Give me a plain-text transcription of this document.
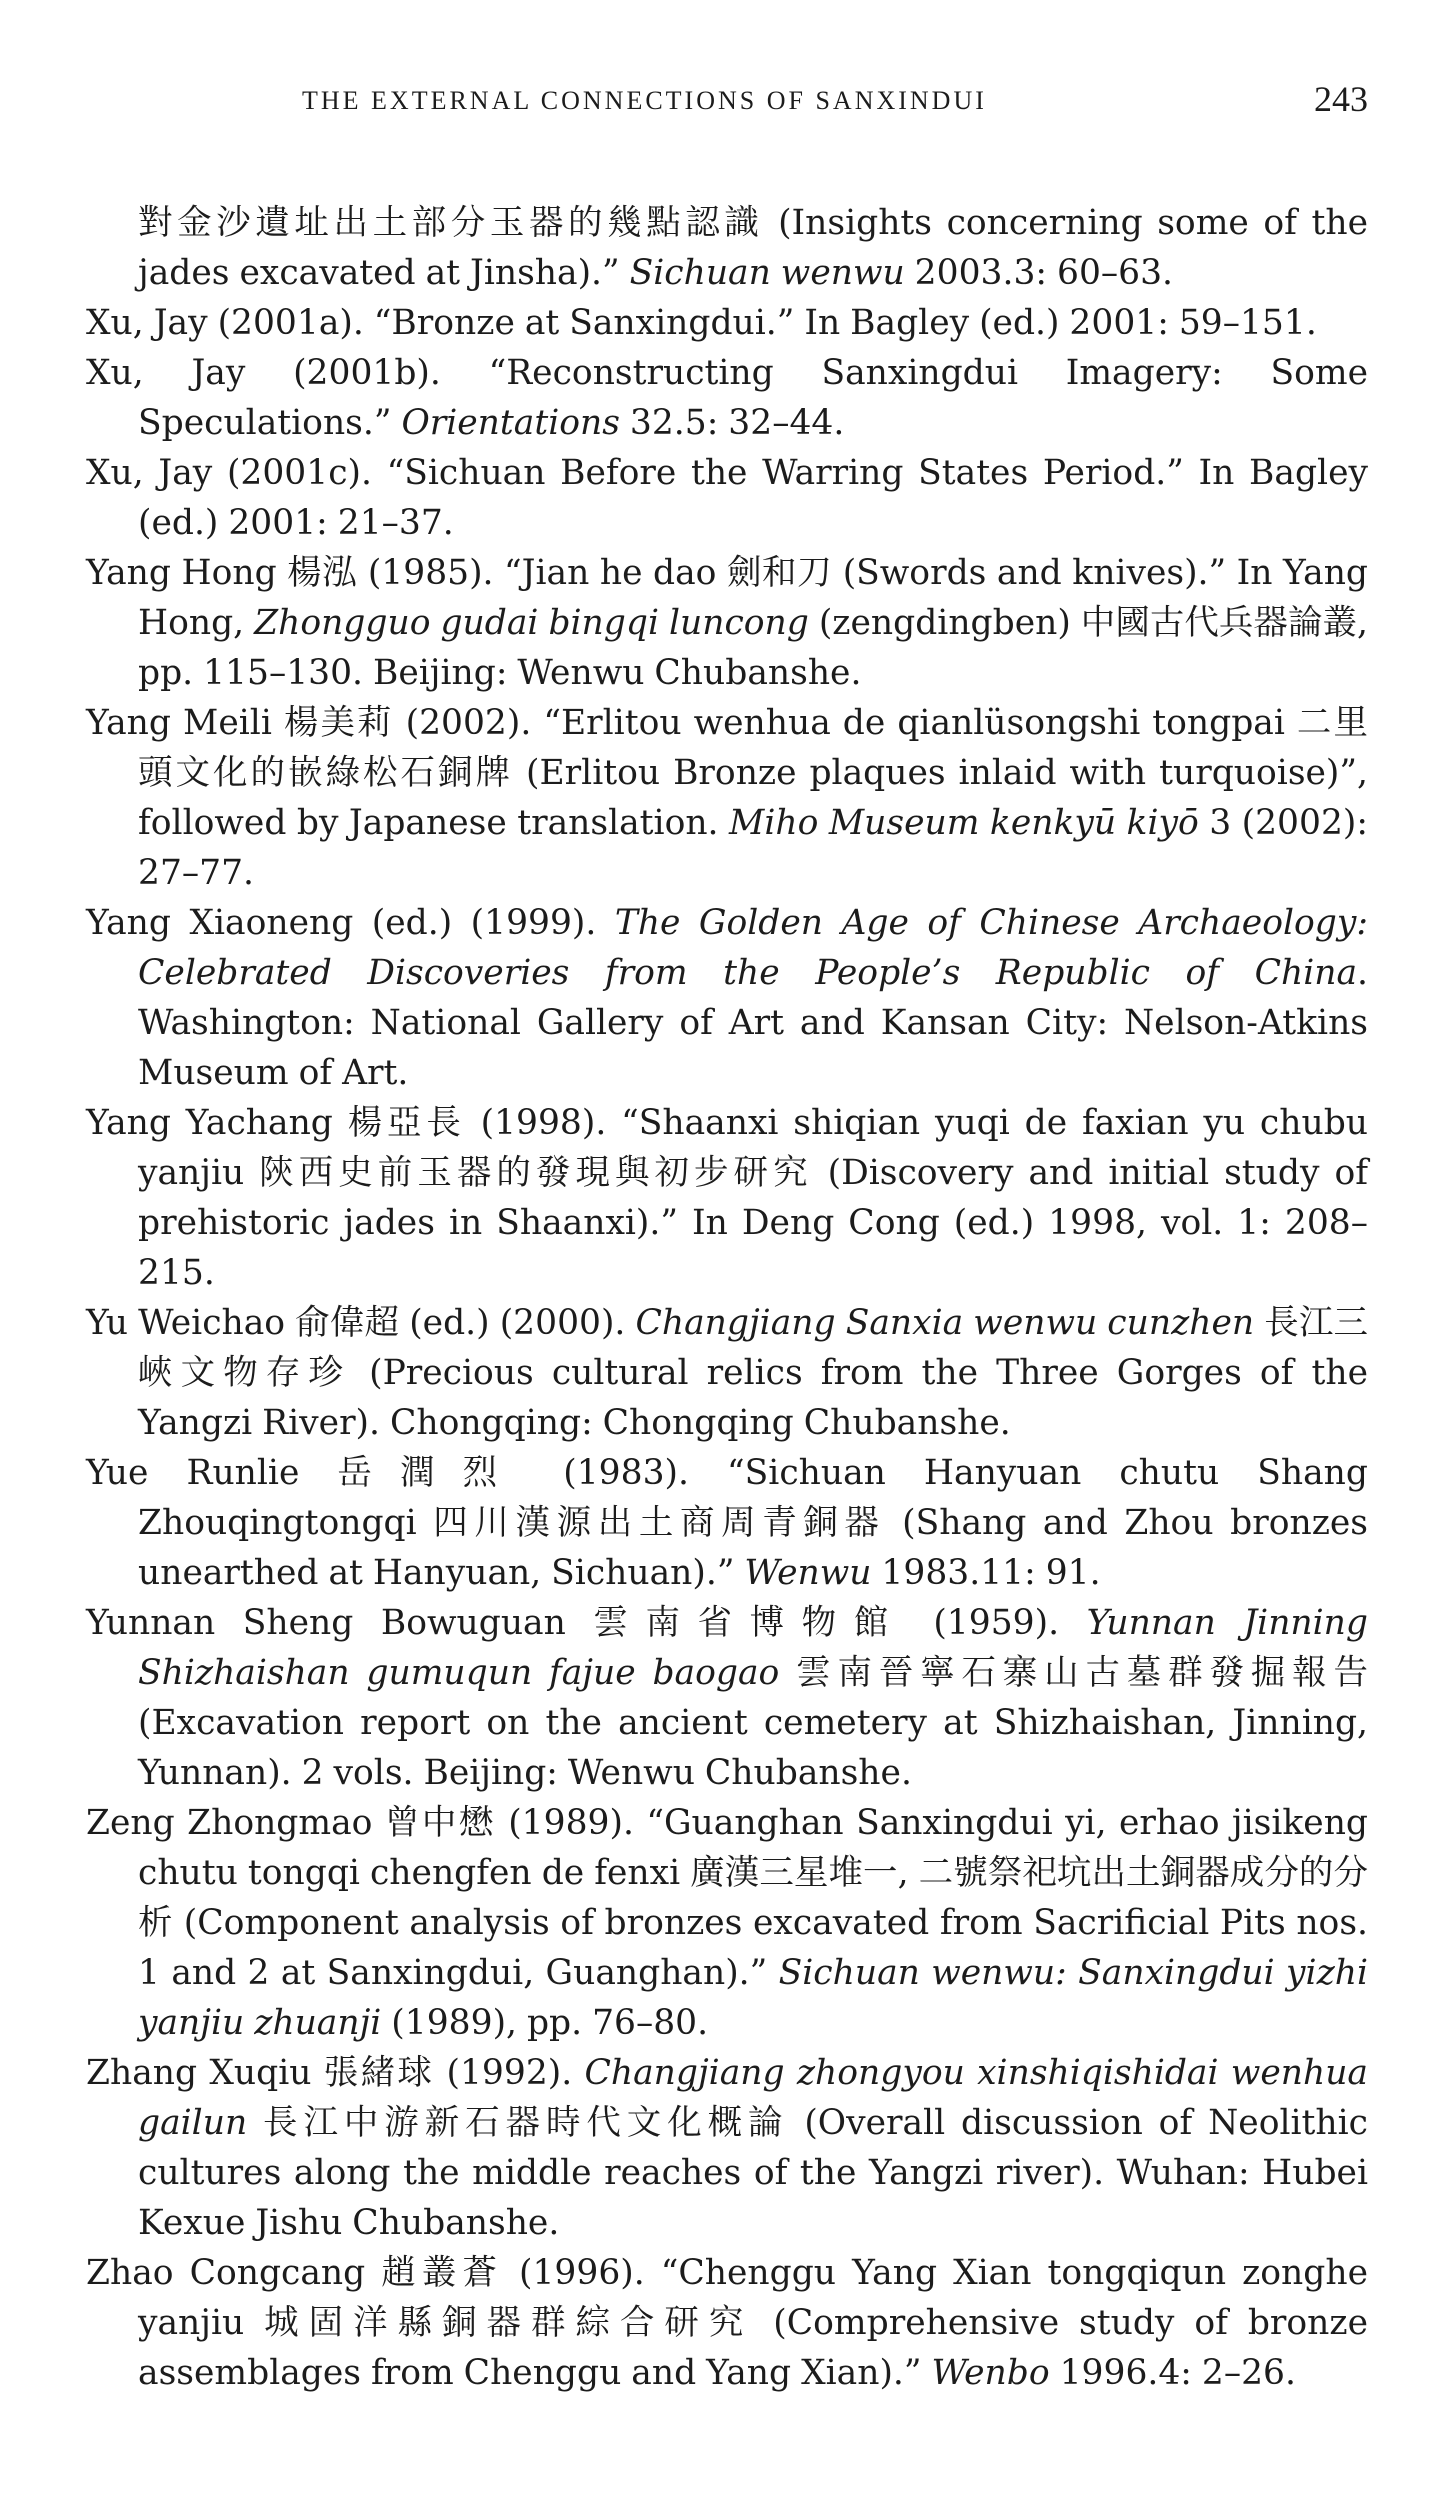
THE EXTERNAL CONNECTIONS OF SANXINDUI	243

對金沙遺址出土部分玉器的幾點認識 (Insights concerning some of the jades excavated at Jinsha).” Sichuan wenwu 2003.3: 60–63.

Xu, Jay (2001a). “Bronze at Sanxingdui.” In Bagley (ed.) 2001: 59–151.

Xu, Jay (2001b). “Reconstructing Sanxingdui Imagery: Some Speculations.” Orientations 32.5: 32–44.

Xu, Jay (2001c). “Sichuan Before the Warring States Period.” In Bagley (ed.) 2001: 21–37.

Yang Hong 楊泓 (1985). “Jian he dao 劍和刀 (Swords and knives).” In Yang Hong, Zhongguo gudai bingqi luncong (zengdingben) 中國古代兵器論叢, pp. 115–130. Beijing: Wenwu Chubanshe.

Yang Meili 楊美莉 (2002). “Erlitou wenhua de qianlüsongshi tongpai 二里頭文化的嵌綠松石銅牌 (Erlitou Bronze plaques inlaid with turquoise)”, followed by Japanese translation. Miho Museum kenkyū kiyō 3 (2002): 27–77.

Yang Xiaoneng (ed.) (1999). The Golden Age of Chinese Archaeology: Celebrated Discoveries from the People’s Republic of China. Washington: National Gallery of Art and Kansan City: Nelson-Atkins Museum of Art.

Yang Yachang 楊亞長 (1998). “Shaanxi shiqian yuqi de faxian yu chubu yanjiu 陝西史前玉器的發現與初步研究 (Discovery and initial study of prehistoric jades in Shaanxi).” In Deng Cong (ed.) 1998, vol. 1: 208–215.

Yu Weichao 俞偉超 (ed.) (2000). Changjiang Sanxia wenwu cunzhen 長江三峽文物存珍 (Precious cultural relics from the Three Gorges of the Yangzi River). Chongqing: Chongqing Chubanshe.

Yue Runlie 岳潤烈 (1983). “Sichuan Hanyuan chutu Shang Zhouqingtongqi 四川漢源出土商周青銅器 (Shang and Zhou bronzes unearthed at Hanyuan, Sichuan).” Wenwu 1983.11: 91.

Yunnan Sheng Bowuguan 雲南省博物館 (1959). Yunnan Jinning Shizhaishan gumuqun fajue baogao 雲南晉寧石寨山古墓群發掘報告 (Excavation report on the ancient cemetery at Shizhaishan, Jinning, Yunnan). 2 vols. Beijing: Wenwu Chubanshe.

Zeng Zhongmao 曾中懋 (1989). “Guanghan Sanxingdui yi, erhao jisikeng chutu tongqi chengfen de fenxi 廣漢三星堆一, 二號祭祀坑出土銅器成分的分析 (Component analysis of bronzes excavated from Sacrificial Pits nos. 1 and 2 at Sanxingdui, Guanghan).” Sichuan wenwu: Sanxingdui yizhi yanjiu zhuanji (1989), pp. 76–80.

Zhang Xuqiu 張緒球 (1992). Changjiang zhongyou xinshiqishidai wenhua gailun 長江中游新石器時代文化概論 (Overall discussion of Neolithic cultures along the middle reaches of the Yangzi river). Wuhan: Hubei Kexue Jishu Chubanshe.

Zhao Congcang 趙叢蒼 (1996). “Chenggu Yang Xian tongqiqun zonghe yanjiu 城固洋縣銅器群綜合研究 (Comprehensive study of bronze assemblages from Chenggu and Yang Xian).” Wenbo 1996.4: 2–26.
